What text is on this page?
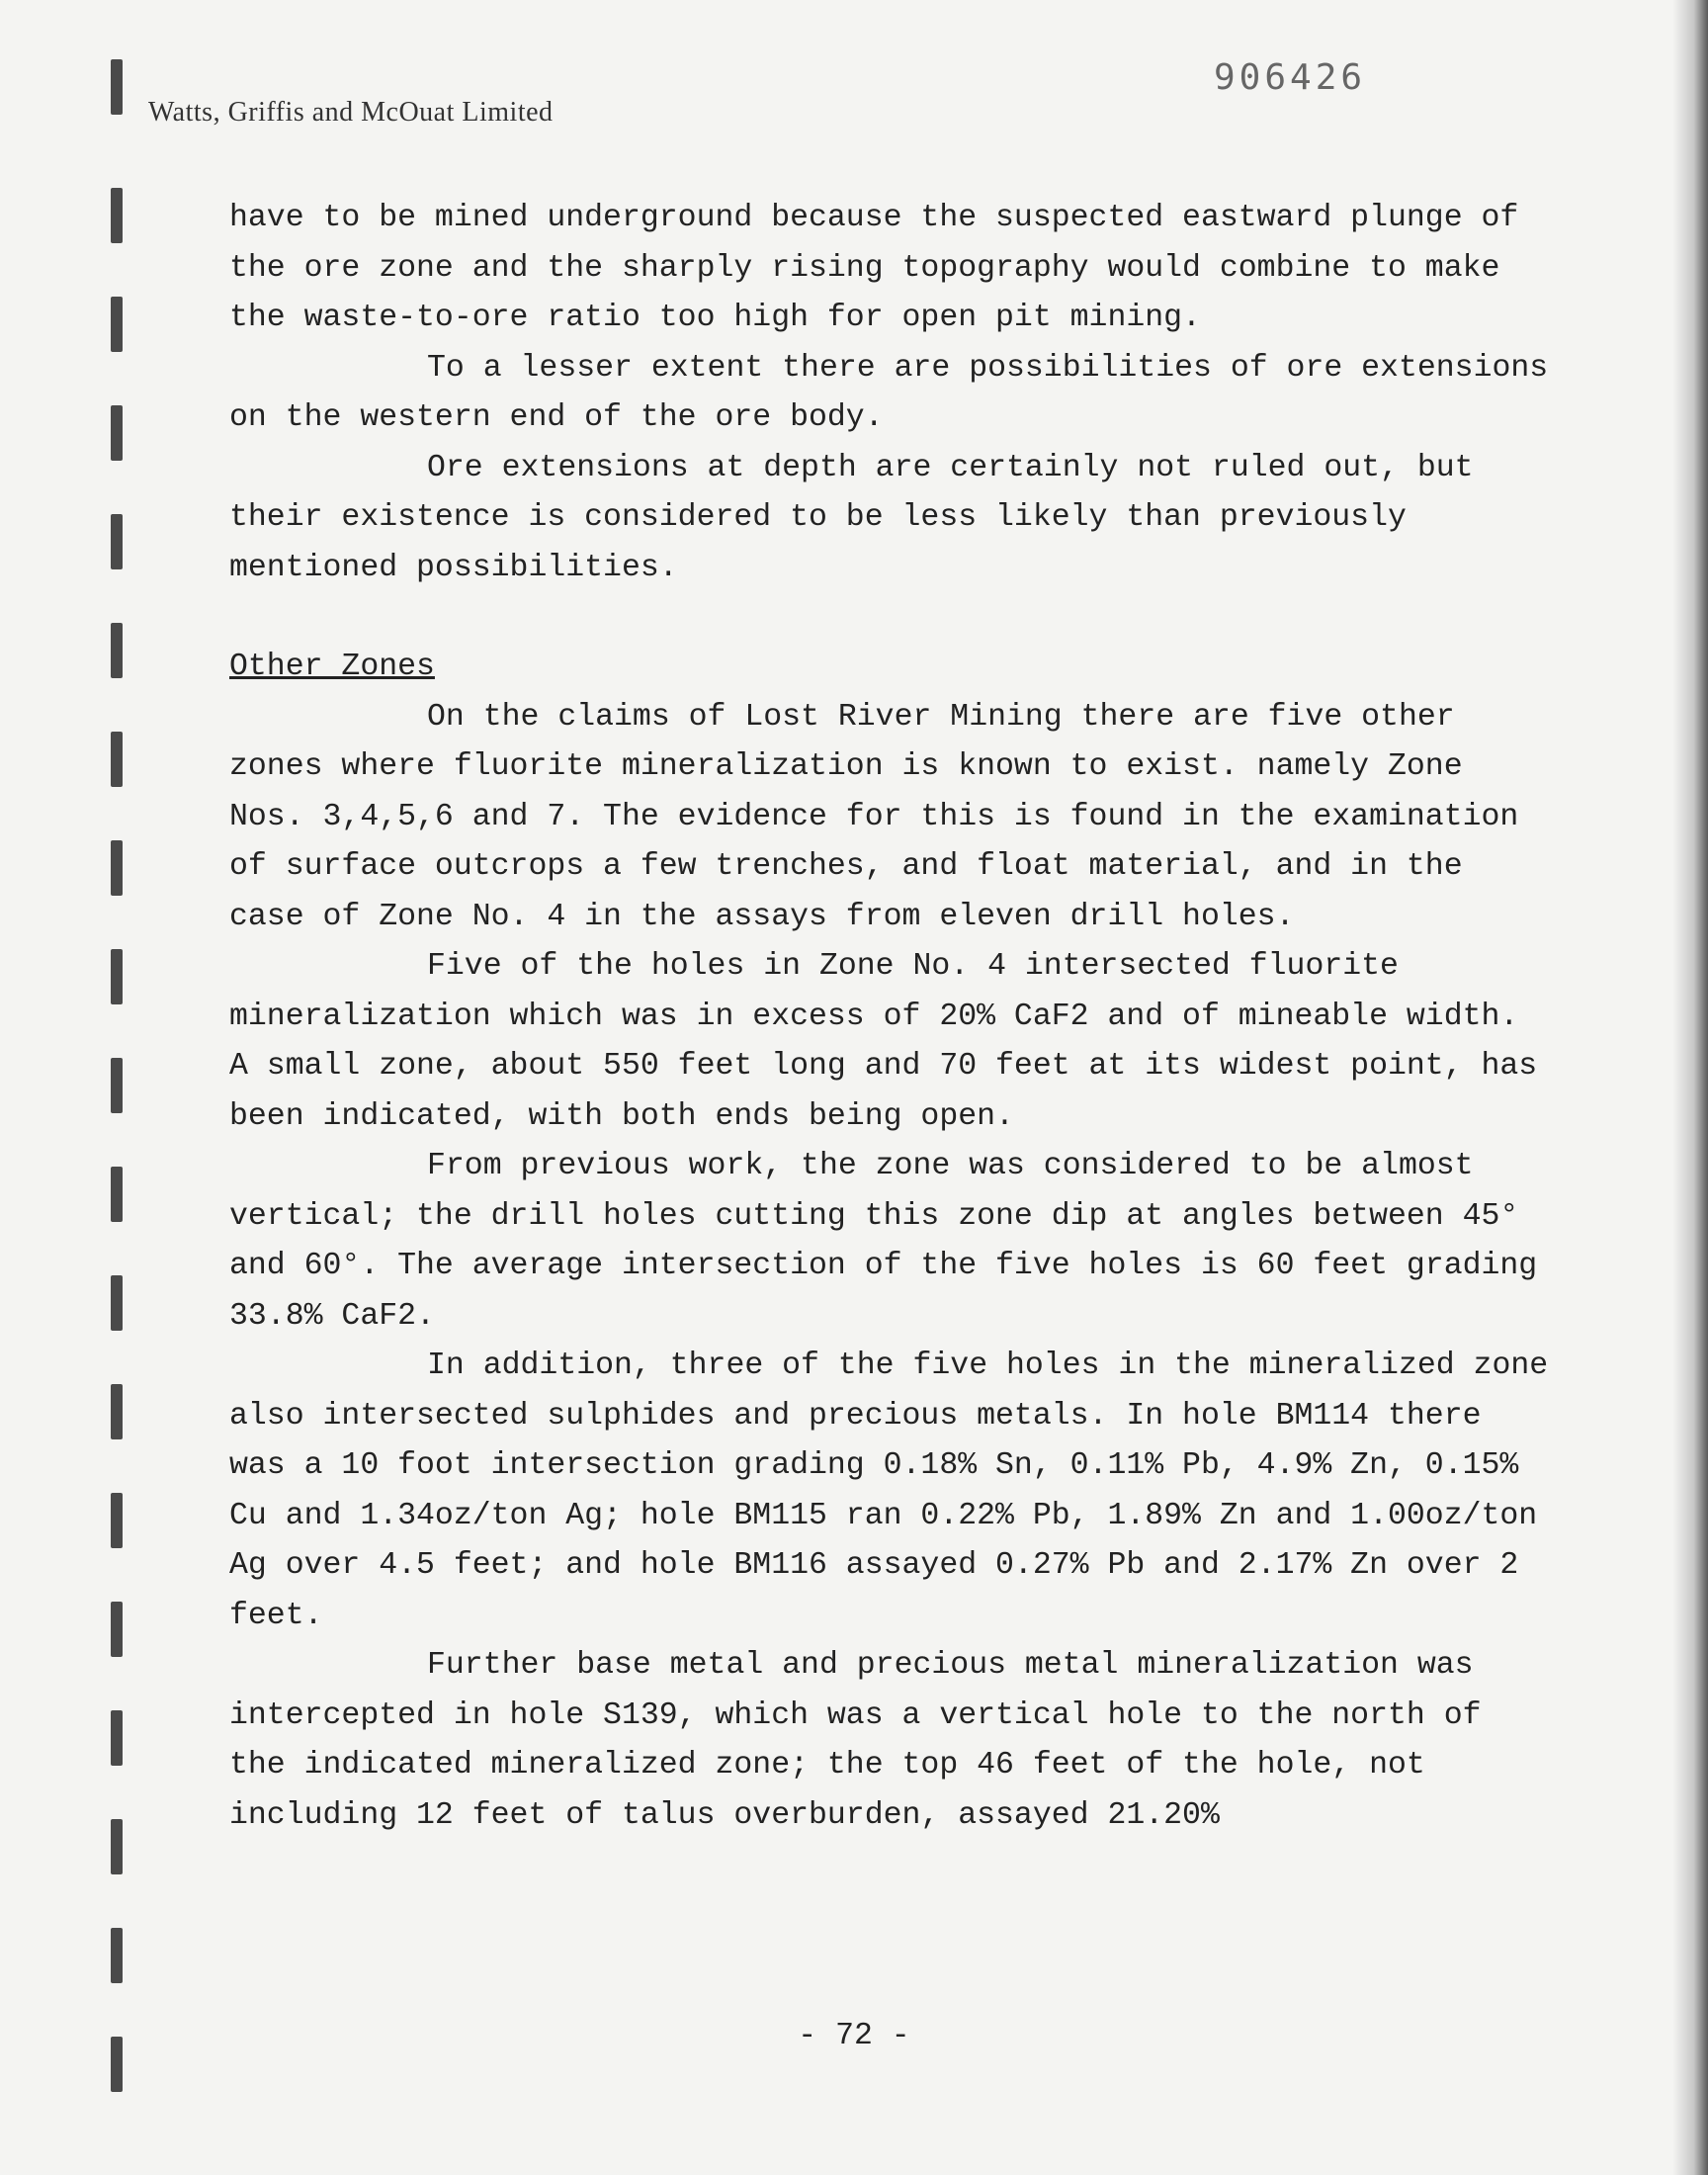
Watts, Griffis and McOuat Limited
906426

have to be mined underground because the suspected eastward plunge of the ore zone and the sharply rising topography would combine to make the waste-to-ore ratio too high for open pit mining.

To a lesser extent there are possibilities of ore extensions on the western end of the ore body.

Ore extensions at depth are certainly not ruled out, but their existence is considered to be less likely than previously mentioned possibilities.

Other Zones

On the claims of Lost River Mining there are five other zones where fluorite mineralization is known to exist. namely Zone Nos. 3,4,5,6 and 7. The evidence for this is found in the examination of surface outcrops a few trenches, and float material, and in the case of Zone No. 4 in the assays from eleven drill holes.

Five of the holes in Zone No. 4 intersected fluorite mineralization which was in excess of 20% CaF2 and of mineable width. A small zone, about 550 feet long and 70 feet at its widest point, has been indicated, with both ends being open.

From previous work, the zone was considered to be almost vertical; the drill holes cutting this zone dip at angles between 45° and 60°. The average intersection of the five holes is 60 feet grading 33.8% CaF2.

In addition, three of the five holes in the mineralized zone also intersected sulphides and precious metals. In hole BM114 there was a 10 foot intersection grading 0.18% Sn, 0.11% Pb, 4.9% Zn, 0.15% Cu and 1.34oz/ton Ag; hole BM115 ran 0.22% Pb, 1.89% Zn and 1.00oz/ton Ag over 4.5 feet; and hole BM116 assayed 0.27% Pb and 2.17% Zn over 2 feet.

Further base metal and precious metal mineralization was intercepted in hole S139, which was a vertical hole to the north of the indicated mineralized zone; the top 46 feet of the hole, not including 12 feet of talus overburden, assayed 21.20%

- 72 -
